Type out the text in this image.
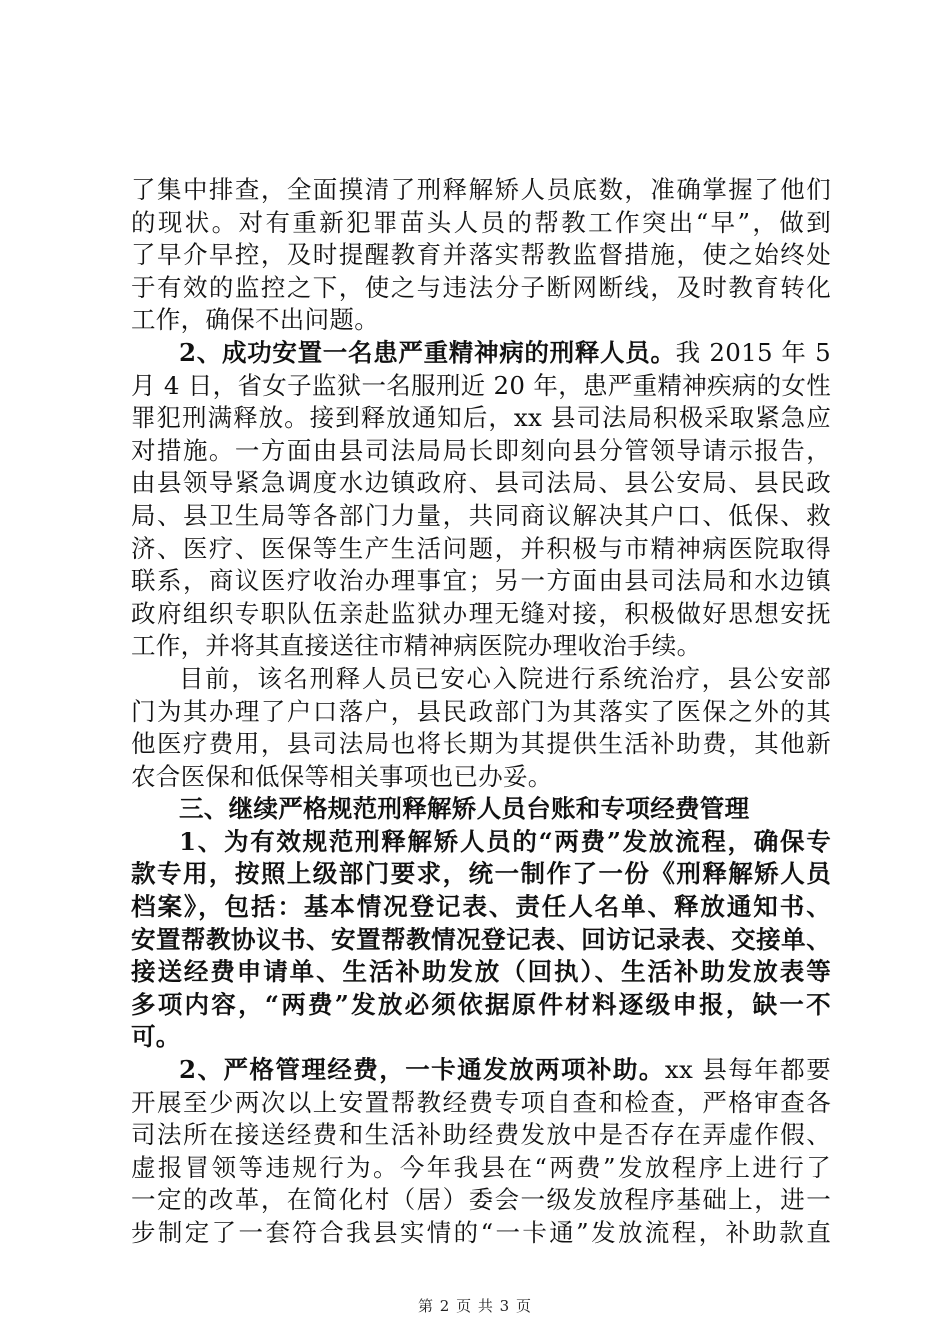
了集中排查，全面摸清了刑释解矫人员底数，准确掌握了他们
的现状。对有重新犯罪苗头人员的帮教工作突出“早”，做到
了早介早控，及时提醒教育并落实帮教监督措施，使之始终处
于有效的监控之下，使之与违法分子断网断线，及时教育转化
工作，确保不出问题。
2、成功安置一名患严重精神病的刑释人员。我 2015 年 5
月 4 日，省女子监狱一名服刑近 20 年，患严重精神疾病的女性
罪犯刑满释放。接到释放通知后，xx 县司法局积极采取紧急应
对措施。一方面由县司法局局长即刻向县分管领导请示报告，
由县领导紧急调度水边镇政府、县司法局、县公安局、县民政
局、县卫生局等各部门力量，共同商议解决其户口、低保、救
济、医疗、医保等生产生活问题，并积极与市精神病医院取得
联系，商议医疗收治办理事宜；另一方面由县司法局和水边镇
政府组织专职队伍亲赴监狱办理无缝对接，积极做好思想安抚
工作，并将其直接送往市精神病医院办理收治手续。
目前，该名刑释人员已安心入院进行系统治疗，县公安部
门为其办理了户口落户，县民政部门为其落实了医保之外的其
他医疗费用，县司法局也将长期为其提供生活补助费，其他新
农合医保和低保等相关事项也已办妥。
三、继续严格规范刑释解矫人员台账和专项经费管理
1、为有效规范刑释解矫人员的“两费”发放流程，确保专
款专用，按照上级部门要求，统一制作了一份《刑释解矫人员
档案》，包括：基本情况登记表、责任人名单、释放通知书、
安置帮教协议书、安置帮教情况登记表、回访记录表、交接单、
接送经费申请单、生活补助发放（回执）、生活补助发放表等
多项内容，“两费”发放必须依据原件材料逐级申报，缺一不
可。
2、严格管理经费，一卡通发放两项补助。xx 县每年都要
开展至少两次以上安置帮教经费专项自查和检查，严格审查各
司法所在接送经费和生活补助经费发放中是否存在弄虚作假、
虚报冒领等违规行为。今年我县在“两费”发放程序上进行了
一定的改革，在简化村（居）委会一级发放程序基础上，进一
步制定了一套符合我县实情的“一卡通”发放流程，补助款直
第 2 页 共 3 页
